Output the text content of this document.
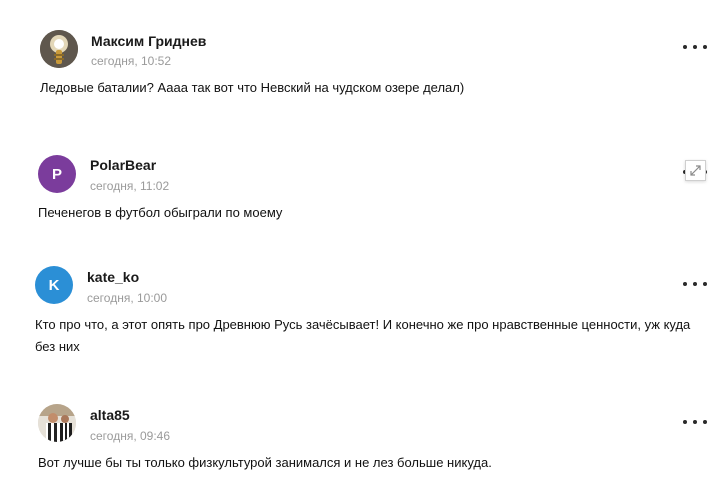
Максим Гриднев
сегодня, 10:52
Ледовые баталии? Аааа так вот что Невский на чудском озере делал)
P
PolarBear
сегодня, 11:02
Печенегов в футбол обыграли по моему
K kate_ko
сегодня, 10:00
Кто про что, а этот опять про Древнюю Русь зачёсывает! И конечно же про нравственные ценности, уж куда без них
alta85
сегодня, 09:46
Вот лучше бы ты только физкультурой занимался и не лез больше никуда.
